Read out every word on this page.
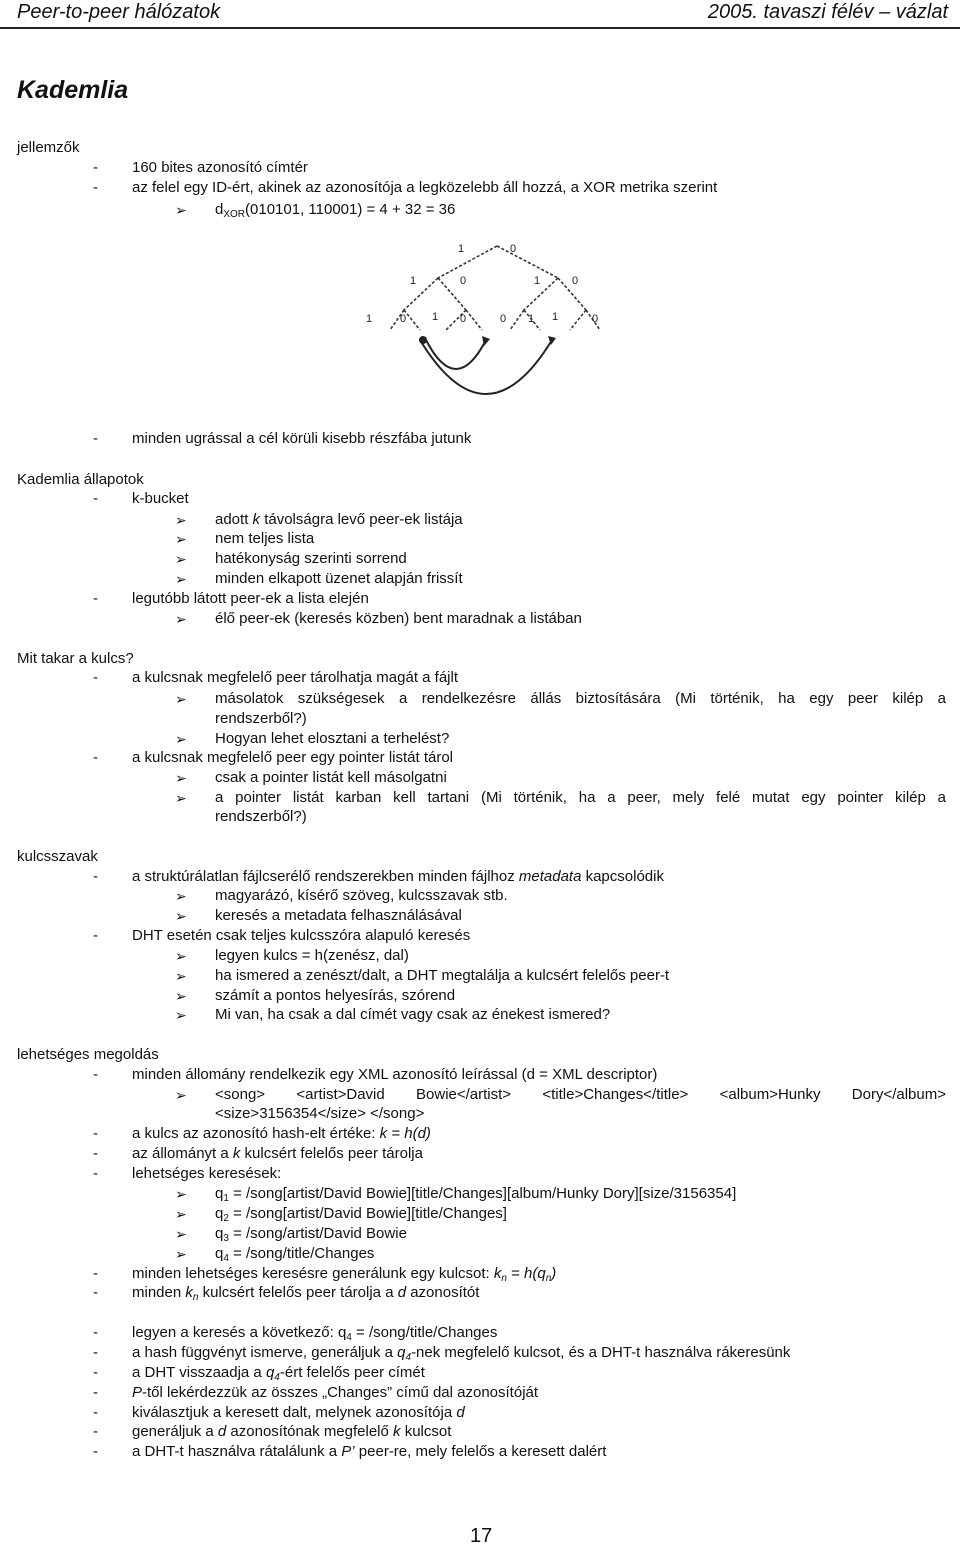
Peer-to-peer hálózatok	2005. tavaszi félév – vázlat
Kademlia
jellemzők
- 160 bites azonosító címtér
- az felel egy ID-ért, akinek az azonosítója a legközelebb áll hozzá, a XOR metrika szerint
➢ $d_{XOR}(010101$, 110001) = 4 + 32 = 36
1	0
1	0	1	0
1	0 1 0	0 1 1	0
- minden ugrással a cél körüli kisebb részfába jutunk
Kademlia állapotok
- k-bucket
➢ adott k távolságra levő peer-ek listája
➢ nem teljes lista
➢ hatékonyság szerinti sorrend
➢ minden elkapott üzenet alapján frissít
- legutóbb látott peer-ek a lista elején
➢ élő peer-ek (keresés közben) bent maradnak a listában
Mit takar a kulcs?
- a kulcsnak megfelelő peer tárolhatja magát a fájlt
➢ másolatok szükségesek a rendelkezésre állás biztosítására (Mi történik, ha egy peer kilép a
rendszerből?)
➢ Hogyan lehet elosztani a terhelést?
- a kulcsnak megfelelő peer egy pointer listát tárol
➢ csak a pointer listát kell másolgatni
➢ a pointer listát karban kell tartani (Mi történik, ha a peer, mely felé mutat egy pointer kilép a
rendszerből?)
kulcsszavak
- a struktúrálatlan fájlcserélő rendszerekben minden fájlhoz metadata kapcsolódik
➢ magyarázó, kísérő szöveg, kulcsszavak stb.
➢ keresés a metadata felhasználásával
- DHT esetén csak teljes kulcsszóra alapuló keresés
➢ legyen kulcs = h(zenész, dal)
➢ ha ismered a zenészt/dalt, a DHT megtalálja a kulcsért felelős peer-t
➢ számít a pontos helyesírás, szórend
➢ Mi van, ha csak a dal címét vagy csak az énekest ismered?
lehetséges megoldás
- minden állomány rendelkezik egy XML azonosító leírással (d = XML descriptor)
➢ <song> <artist>David Bowie</artist> <title>Changes</title> <album>Hunky Dory</album>
<size>3156354</size> </song>
- a kulcs az azonosító hash-elt értéke: k = h(d)
- az állományt a k kulcsért felelős peer tárolja
- lehetséges keresések:
➢ $q_1$ = /song[artist/David Bowie][title/Changes][album/Hunky Dory][size/3156354]
➢ $q_2$ = /song[artist/David Bowie][title/Changes]
➢ $q_3$ = /song/artist/David Bowie
➢ $q_4$ = /song/title/Changes
- minden lehetséges keresésre generálunk egy kulcsot: $k_n = h(q_n)$
- minden $k_n$ kulcsért felelős peer tárolja a d azonosítót
- legyen a keresés a következő: $q_4$ = /song/title/Changes
- a hash függvényt ismerve, generáljuk a $q_4$-nek megfelelő kulcsot, és a DHT-t használva rákeresünk
- a DHT visszaadja a $q_4$-ért felelős peer címét
- P-től lekérdezzük az összes „Changes” című dal azonosítóját
- kiválasztjuk a keresett dalt, melynek azonosítója d
- generáljuk a d azonosítónak megfelelő k kulcsot
- a DHT-t használva rátalálunk a P’ peer-re, mely felelős a keresett dalért
17
